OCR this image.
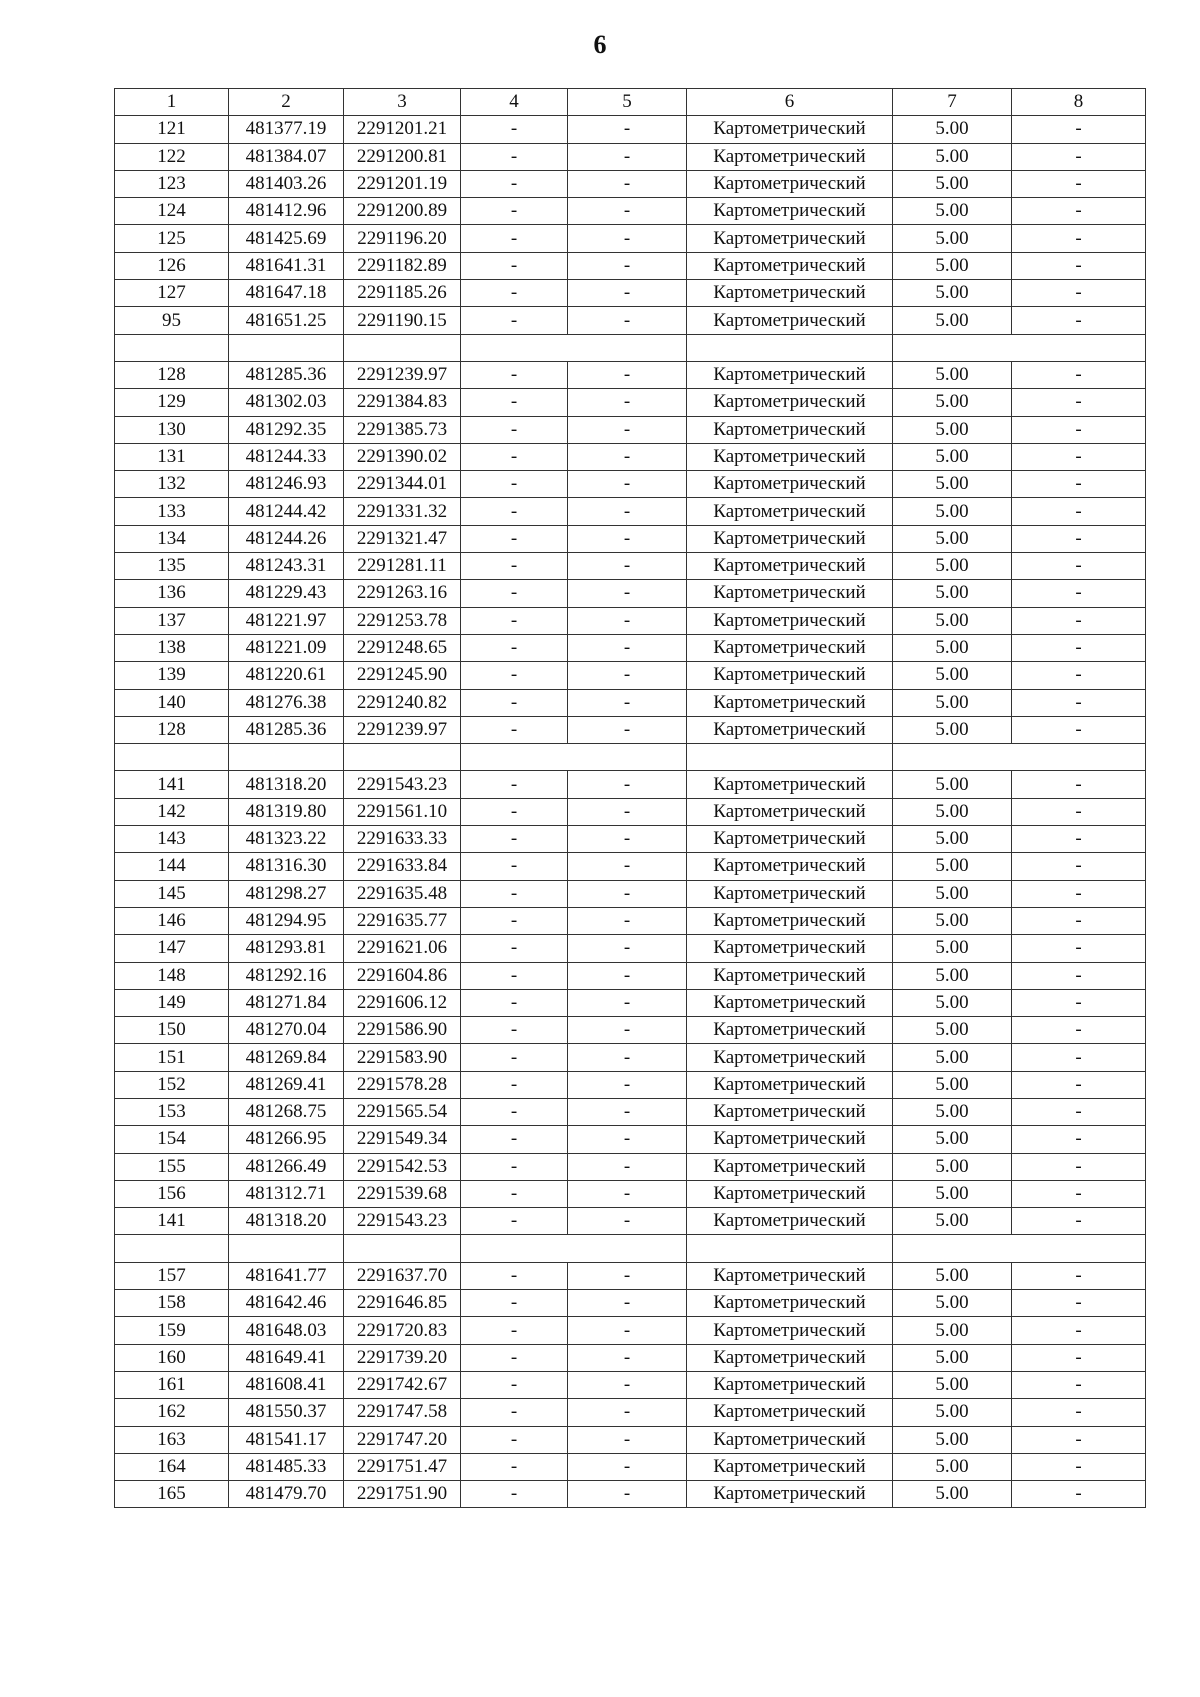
6
1	2	3	4	5	6	7	8
121	481377.19	2291201.21	-	-	Картометрический	5.00	-
122	481384.07	2291200.81	-	-	Картометрический	5.00	-
123	481403.26	2291201.19	-	-	Картометрический	5.00	-
124	481412.96	2291200.89	-	-	Картометрический	5.00	-
125	481425.69	2291196.20	-	-	Картометрический	5.00	-
126	481641.31	2291182.89	-	-	Картометрический	5.00	-
127	481647.18	2291185.26	-	-	Картометрический	5.00	-
95	481651.25	2291190.15	-	-	Картометрический	5.00	-

128	481285.36	2291239.97	-	-	Картометрический	5.00	-
129	481302.03	2291384.83	-	-	Картометрический	5.00	-
130	481292.35	2291385.73	-	-	Картометрический	5.00	-
131	481244.33	2291390.02	-	-	Картометрический	5.00	-
132	481246.93	2291344.01	-	-	Картометрический	5.00	-
133	481244.42	2291331.32	-	-	Картометрический	5.00	-
134	481244.26	2291321.47	-	-	Картометрический	5.00	-
135	481243.31	2291281.11	-	-	Картометрический	5.00	-
136	481229.43	2291263.16	-	-	Картометрический	5.00	-
137	481221.97	2291253.78	-	-	Картометрический	5.00	-
138	481221.09	2291248.65	-	-	Картометрический	5.00	-
139	481220.61	2291245.90	-	-	Картометрический	5.00	-
140	481276.38	2291240.82	-	-	Картометрический	5.00	-
128	481285.36	2291239.97	-	-	Картометрический	5.00	-

141	481318.20	2291543.23	-	-	Картометрический	5.00	-
142	481319.80	2291561.10	-	-	Картометрический	5.00	-
143	481323.22	2291633.33	-	-	Картометрический	5.00	-
144	481316.30	2291633.84	-	-	Картометрический	5.00	-
145	481298.27	2291635.48	-	-	Картометрический	5.00	-
146	481294.95	2291635.77	-	-	Картометрический	5.00	-
147	481293.81	2291621.06	-	-	Картометрический	5.00	-
148	481292.16	2291604.86	-	-	Картометрический	5.00	-
149	481271.84	2291606.12	-	-	Картометрический	5.00	-
150	481270.04	2291586.90	-	-	Картометрический	5.00	-
151	481269.84	2291583.90	-	-	Картометрический	5.00	-
152	481269.41	2291578.28	-	-	Картометрический	5.00	-
153	481268.75	2291565.54	-	-	Картометрический	5.00	-
154	481266.95	2291549.34	-	-	Картометрический	5.00	-
155	481266.49	2291542.53	-	-	Картометрический	5.00	-
156	481312.71	2291539.68	-	-	Картометрический	5.00	-
141	481318.20	2291543.23	-	-	Картометрический	5.00	-

157	481641.77	2291637.70	-	-	Картометрический	5.00	-
158	481642.46	2291646.85	-	-	Картометрический	5.00	-
159	481648.03	2291720.83	-	-	Картометрический	5.00	-
160	481649.41	2291739.20	-	-	Картометрический	5.00	-
161	481608.41	2291742.67	-	-	Картометрический	5.00	-
162	481550.37	2291747.58	-	-	Картометрический	5.00	-
163	481541.17	2291747.20	-	-	Картометрический	5.00	-
164	481485.33	2291751.47	-	-	Картометрический	5.00	-
165	481479.70	2291751.90	-	-	Картометрический	5.00	-
